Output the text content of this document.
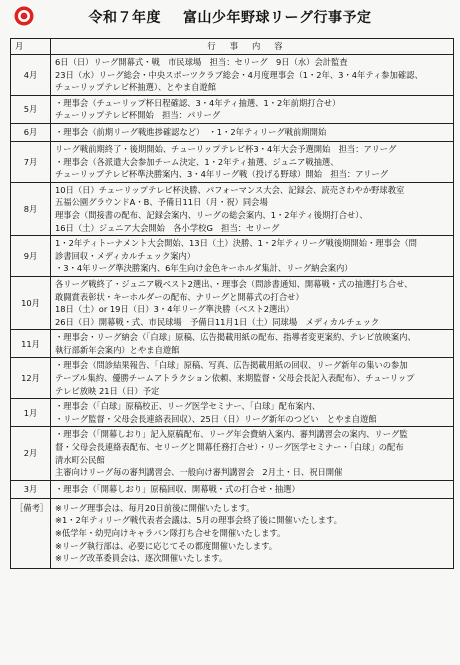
令和７年度 富山少年野球リーグ行事予定
月	行事内容
4月	6日（日）リーグ開幕式・戦　市民球場　担当：セリーグ　9日（水）会計監査
23日（水）リーグ総会・中央スポーツクラブ総会・4月度理事会（1・2年、3・4年ティ参加確認、
チューリップテレビ杯抽選）、とやま自遊館

5月	・理事会（チューリップ杯日程確認、3・4年ティ抽選、1・2年前期打合せ）
チューリップテレビ杯開始　担当：パリーグ

6月	・理事会（前期リーグ戦進捗確認など）　・1・2年ティリーグ戦前期開始

7月	リーグ戦前期終了・後期開始、チューリップテレビ杯3・4年大会予選開始　担当：アリーグ
・理事会（各派遣大会参加チーム決定、1・2年ティ抽選、ジュニア戦抽選、
チューリップテレビ杯準決勝案内、3・4年リーグ戦（投げる野球）開始　担当：アリーグ

8月	10日（日）チューリップテレビ杯決勝、パフォーマンス大会、記録会、読売さわやか野球教室
五福公園グラウンドA・B、予備日11日（月・祝）同会場
理事会（間接書の配布、記録会案内、リーグの総会案内、1・2年ティ後期打合せ）、
16日（土）ジュニア大会開始　各小学校G　担当：セリーグ

9月	1・2年ティトーナメント大会開始、13日（土）決勝、1・2年ティリーグ戦後期開始・理事会（問
診書回収・メディカルチェック案内）
・3・4年リーグ準決勝案内、6年生向け金色キーホルダ集計、リーグ納会案内）

10月	各リーグ戦終了・ジュニア戦ベスト2選出、・理事会（問診書通知、開幕戦・式の抽選打ち合せ、
敢闘賞表彰状・キーホルダーの配布、ナリーグと開幕式の打合せ）
18日（土）or 19日（日）3・4年リーグ準決勝（ベスト2選出）
26日（日）開幕戦・式、市民球場　予備日11月1日（土）同球場　メディカルチェック

11月	・理事会・リーグ納会（「白球」原稿、広告掲載用紙の配布、指導者変更案約、テレビ放映案内、
執行部新年会案内）とやま自遊館

12月	・理事会（問診結果報告、「白球」原稿、写真、広告掲載用紙の回収、リーグ新年の集いの参加
テーブル集約、優勝チームアトラクション依頼、来期監督・父母会長記入表配布）、チューリップ
テレビ放映 21日（日）予定

1月	・理事会（「白球」原稿校正、リーグ医学セミナー、「白球」配布案内、
・リーグ監督・父母会長連絡表回収）、25日（日）リーグ新年のつどい　とやま自遊館

2月	・理事会（「開幕しおり」記入原稿配布、リーグ年会費納入案内、審判講習会の案内、リーグ監
督・父母会長連絡表配布、セリーグと開幕任務打合せ）・リーグ医学セミナー・「白球」の配布
清水町公民館
主審向けリーグ毎の審判講習会、一般向け審判講習会　2月土・日、祝日開催

3月	・理事会（「開幕しおり」原稿回収、開幕戦・式の打合せ・抽選）

［備考］	※リーグ理事会は、毎月20日前後に開催いたします。
※1・2年ティリーグ戦代表者会議は、5月の理事会終了後に開催いたします。
※低学年・幼児向けキャラバン隊打ち合せを開催いたします。
※リーグ執行部は、必要に応じてその都度開催いたします。
※リーグ改革委員会は、逐次開催いたします。
